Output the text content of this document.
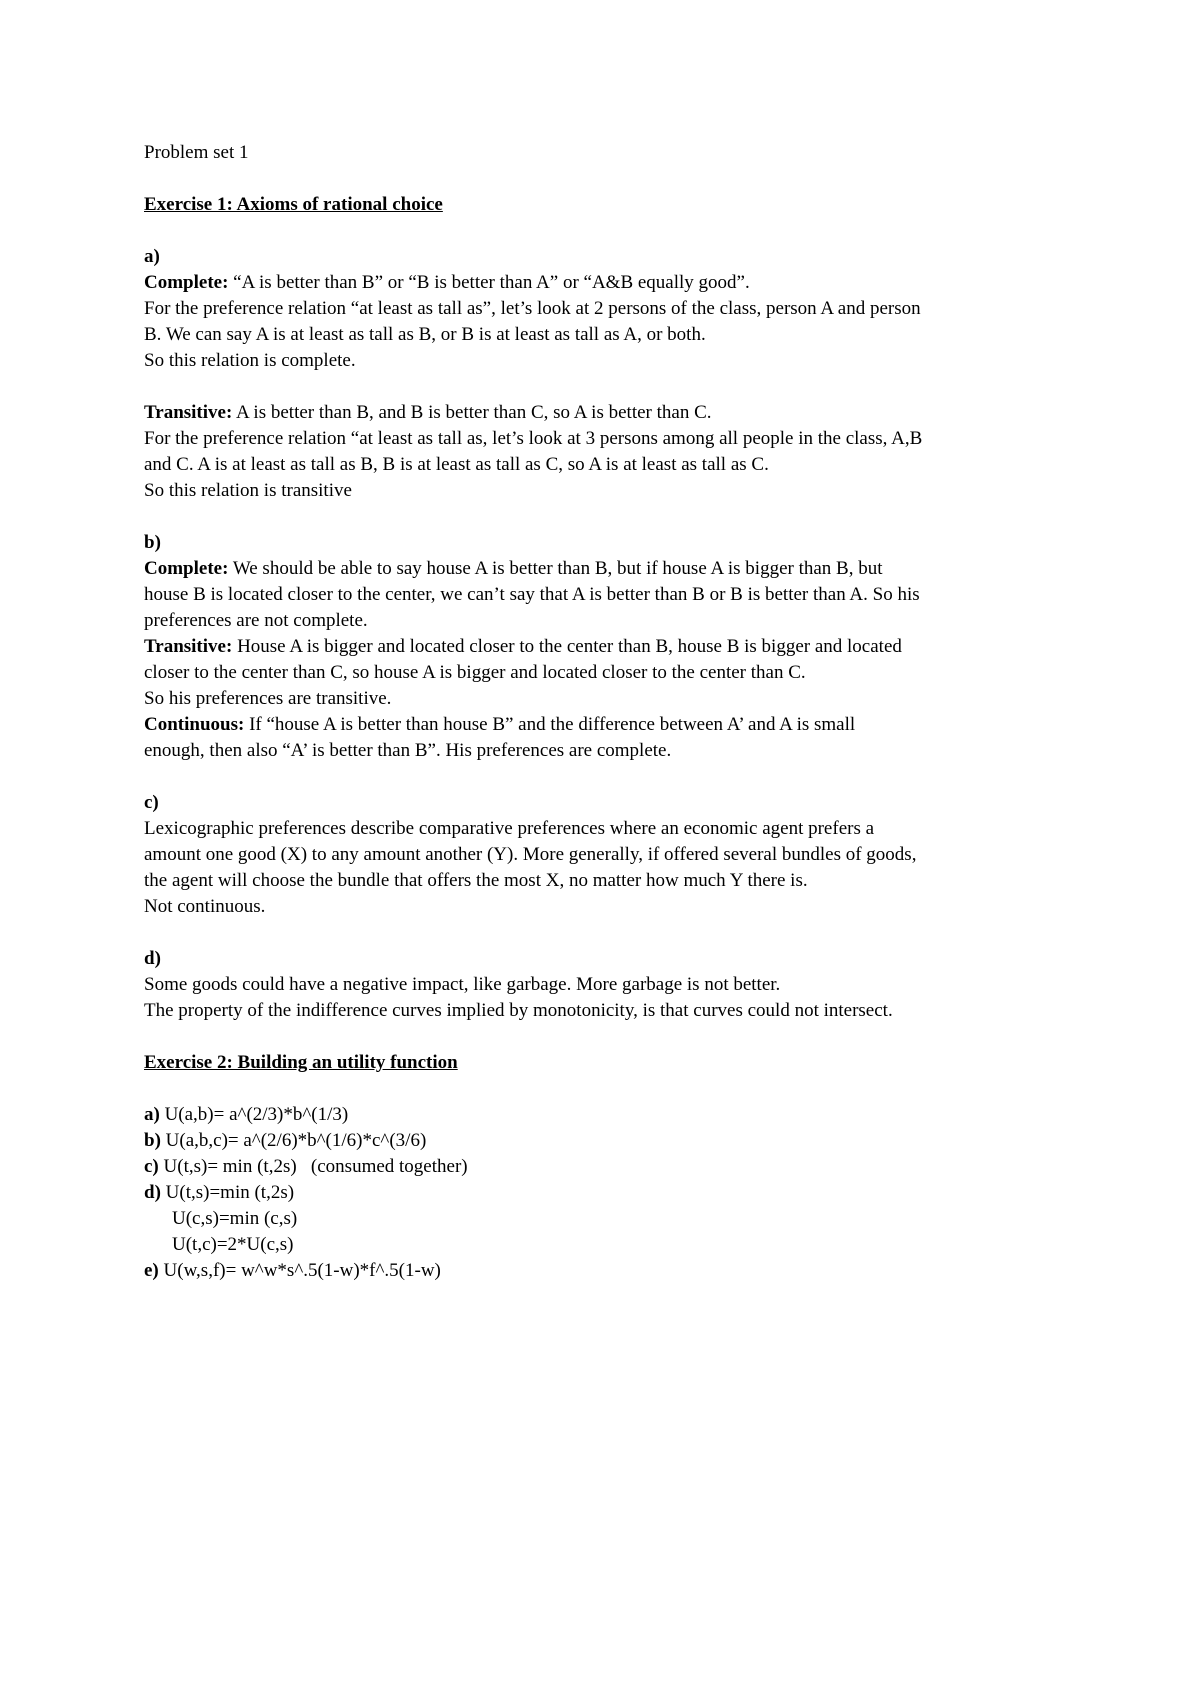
Problem set 1
Exercise 1: Axioms of rational choice
a)
Complete: “A is better than B” or “B is better than A” or “A&B equally good”.
For the preference relation “at least as tall as”, let’s look at 2 persons of the class, person A and person
B. We can say A is at least as tall as B, or B is at least as tall as A, or both.
So this relation is complete.
Transitive: A is better than B, and B is better than C, so A is better than C.
For the preference relation “at least as tall as, let’s look at 3 persons among all people in the class, A,B
and C. A is at least as tall as B, B is at least as tall as C, so A is at least as tall as C.
So this relation is transitive
b)
Complete: We should be able to say house A is better than B, but if house A is bigger than B, but
house B is located closer to the center, we can’t say that A is better than B or B is better than A. So his
preferences are not complete.
Transitive: House A is bigger and located closer to the center than B, house B is bigger and located
closer to the center than C, so house A is bigger and located closer to the center than C.
So his preferences are transitive.
Continuous: If “house A is better than house B” and the difference between A’ and A is small
enough, then also “A’ is better than B”. His preferences are complete.
c)
Lexicographic preferences describe comparative preferences where an economic agent prefers a
amount one good (X) to any amount another (Y). More generally, if offered several bundles of goods,
the agent will choose the bundle that offers the most X, no matter how much Y there is.
Not continuous.
d)
Some goods could have a negative impact, like garbage. More garbage is not better.
The property of the indifference curves implied by monotonicity, is that curves could not intersect.
Exercise 2: Building an utility function
a) U(a,b)= a^(2/3)*b^(1/3)
b) U(a,b,c)= a^(2/6)*b^(1/6)*c^(3/6)
c) U(t,s)= min (t,2s)   (consumed together)
d) U(t,s)=min (t,2s)
U(c,s)=min (c,s)
U(t,c)=2*U(c,s)
e) U(w,s,f)= w^w*s^.5(1-w)*f^.5(1-w)
